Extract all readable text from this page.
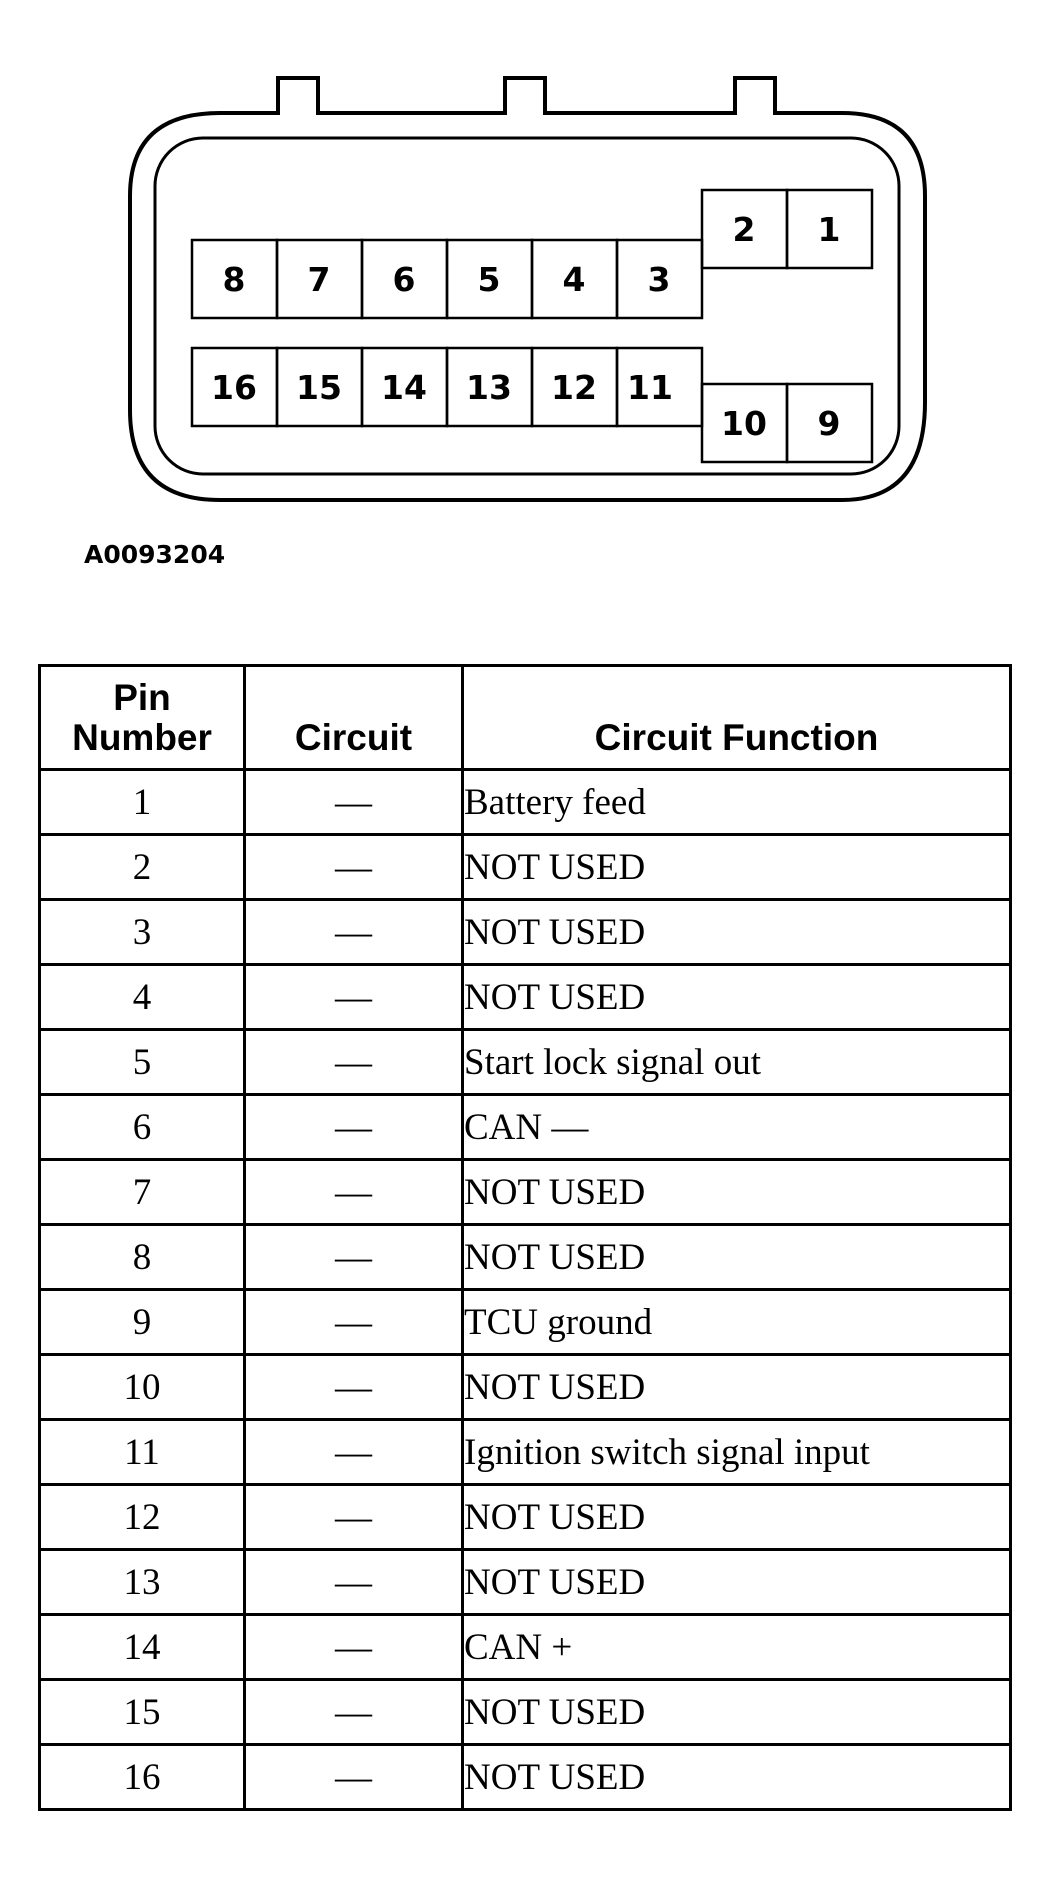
8 7 6 5 4 3
2 1
16 15 14 13 12 11
10 9
A0093204
Pin
Number	Circuit	Circuit Function
1	—	Battery feed
2	—	NOT USED
3	—	NOT USED
4	—	NOT USED
5	—	Start lock signal out
6	—	CAN —
7	—	NOT USED
8	—	NOT USED
9	—	TCU ground
10	—	NOT USED
11	—	Ignition switch signal input
12	—	NOT USED
13	—	NOT USED
14	—	CAN +
15	—	NOT USED
16	—	NOT USED
